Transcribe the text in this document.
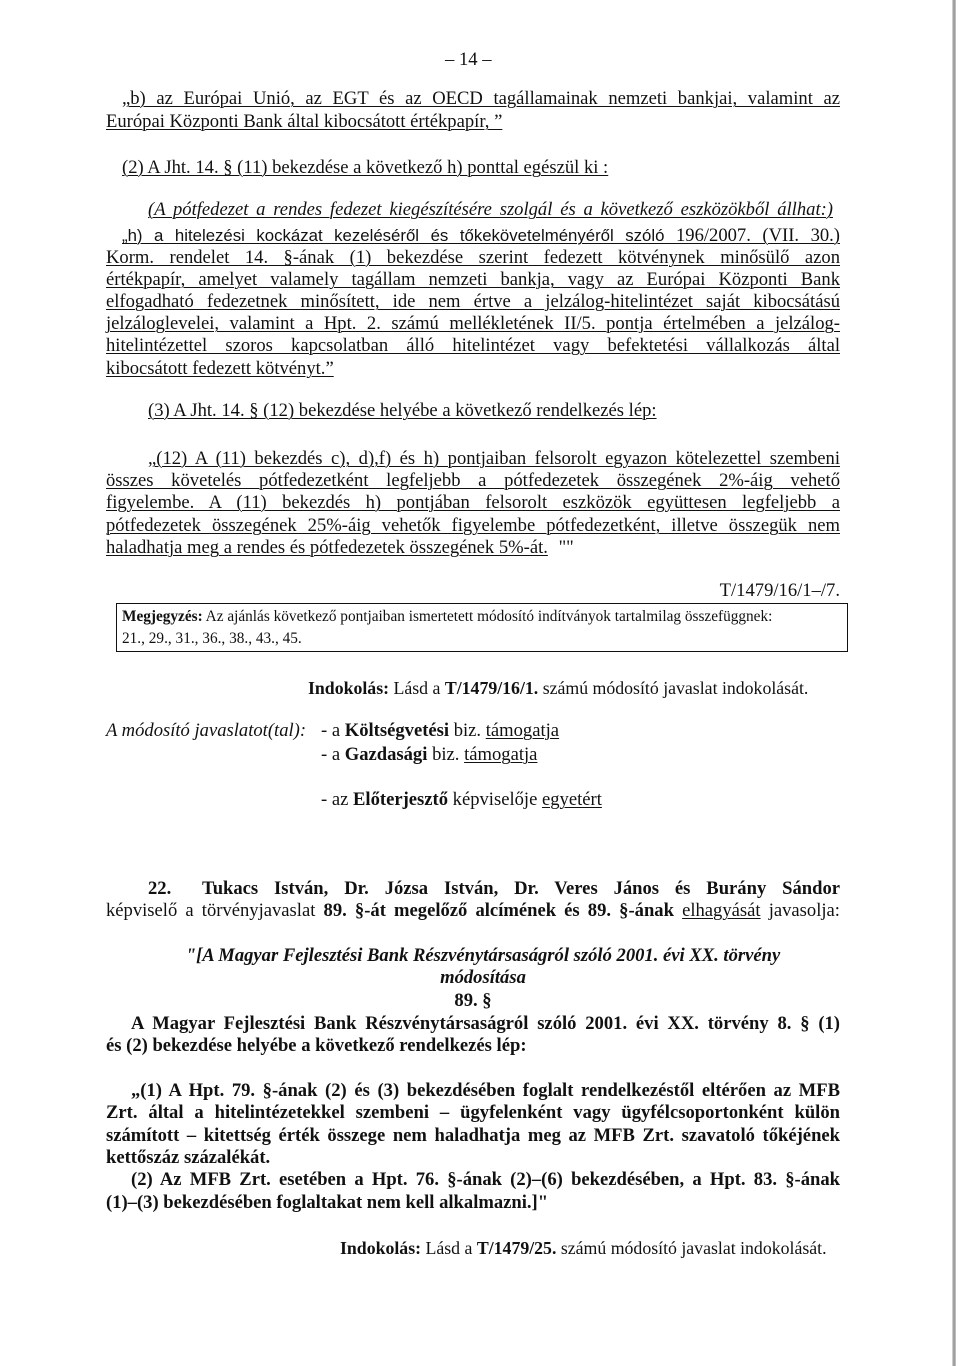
– 14 –
„b) az Európai Unió, az EGT és az OECD tagállamainak nemzeti bankjai, valamint az
Európai Központi Bank által kibocsátott értékpapír, ”
(2) A Jht. 14. § (11) bekezdése a következő h) ponttal egészül ki :
(A pótfedezet a rendes fedezet kiegészítésére szolgál és a következő eszközökből állhat:)
„h) a hitelezési kockázat kezeléséről és tőkekövetelményéről szóló 196/2007. (VII. 30.)
Korm. rendelet 14. §-ának (1) bekezdése szerint fedezett kötvénynek minősülő azon
értékpapír, amelyet valamely tagállam nemzeti bankja, vagy az Európai Központi Bank
elfogadható fedezetnek minősített, ide nem értve a jelzálog-hitelintézet saját kibocsátású
jelzáloglevelei, valamint a Hpt. 2. számú mellékletének II/5. pontja értelmében a jelzálog-
hitelintézettel szoros kapcsolatban álló hitelintézet vagy befektetési vállalkozás által
kibocsátott fedezett kötvényt.”
(3) A Jht. 14. § (12) bekezdése helyébe a következő rendelkezés lép:
„(12) A (11) bekezdés c), d),f) és h) pontjaiban felsorolt egyazon kötelezettel szembeni
összes követelés pótfedezetként legfeljebb a pótfedezetek összegének 2%-áig vehető
figyelembe. A (11) bekezdés h) pontjában felsorolt eszközök együttesen legfeljebb a
pótfedezetek összegének 25%-áig vehetők figyelembe pótfedezetként, illetve összegük nem
haladhatja meg a rendes és pótfedezetek összegének 5%-át. ""
T/1479/16/1–/7.
Megjegyzés: Az ajánlás következő pontjaiban ismertetett módosító indítványok tartalmilag összefüggnek:
21., 29., 31., 36., 38., 43., 45.
Indokolás: Lásd a T/1479/16/1. számú módosító javaslat indokolását.
A módosító javaslatot(tal): - a Költségvetési biz. támogatja
- a Gazdasági biz. támogatja
- az Előterjesztő képviselője egyetért
22. Tukacs István, Dr. Józsa István, Dr. Veres János és Burány Sándor
képviselő a törvényjavaslat 89. §-át megelőző alcímének és 89. §-ának elhagyását javasolja:
"[A Magyar Fejlesztési Bank Részvénytársaságról szóló 2001. évi XX. törvény
módosítása
89. §
A Magyar Fejlesztési Bank Részvénytársaságról szóló 2001. évi XX. törvény 8. § (1)
és (2) bekezdése helyébe a következő rendelkezés lép:
„(1) A Hpt. 79. §-ának (2) és (3) bekezdésében foglalt rendelkezéstől eltérően az MFB
Zrt. által a hitelintézetekkel szembeni – ügyfelenként vagy ügyfélcsoportonként külön
számított – kitettség érték összege nem haladhatja meg az MFB Zrt. szavatoló tőkéjének
kettőszáz százalékát.
(2) Az MFB Zrt. esetében a Hpt. 76. §-ának (2)–(6) bekezdésében, a Hpt. 83. §-ának
(1)–(3) bekezdésében foglaltakat nem kell alkalmazni.]"
Indokolás: Lásd a T/1479/25. számú módosító javaslat indokolását.
